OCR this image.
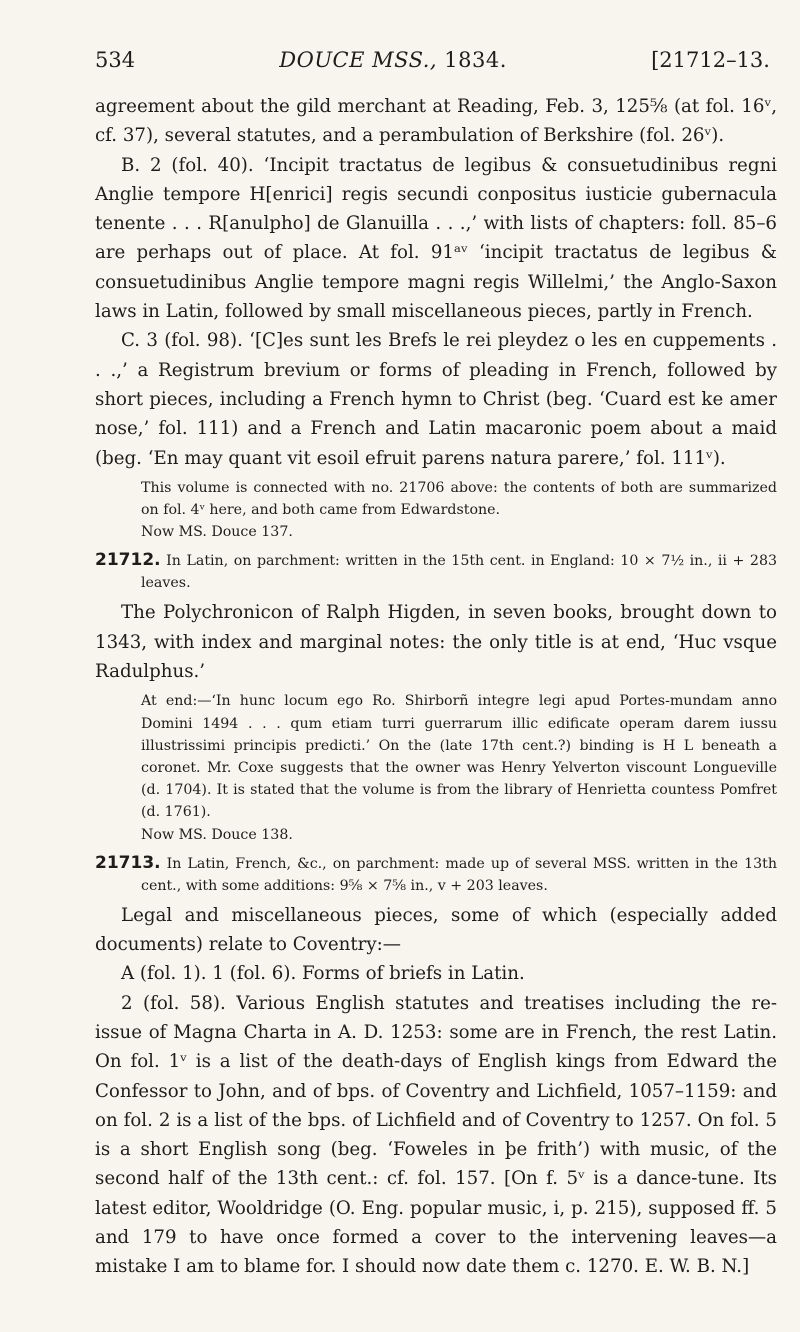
534	DOUCE MSS., 1834.	[21712–13.

agreement about the gild merchant at Reading, Feb. 3, 125⅝ (at fol. 16ᵛ, cf. 37), several statutes, and a perambulation of Berkshire (fol. 26ᵛ).

B. 2 (fol. 40). ‘Incipit tractatus de legibus & consuetudinibus regni Anglie tempore H[enrici] regis secundi conpositus iusticie gubernacula tenente . . . R[anulpho] de Glanuilla . . .,’ with lists of chapters: foll. 85–6 are perhaps out of place. At fol. 91ᵃᵛ ‘incipit tractatus de legibus & consuetudinibus Anglie tempore magni regis Willelmi,’ the Anglo-Saxon laws in Latin, followed by small miscellaneous pieces, partly in French.

C. 3 (fol. 98). ‘[C]es sunt les Brefs le rei pleydez o les en cuppements . . .,’ a Registrum brevium or forms of pleading in French, followed by short pieces, including a French hymn to Christ (beg. ‘Cuard est ke amer nose,’ fol. 111) and a French and Latin macaronic poem about a maid (beg. ‘En may quant vit esoil efruit parens natura parere,’ fol. 111ᵛ).

This volume is connected with no. 21706 above: the contents of both are summarized on fol. 4ᵛ here, and both came from Edwardstone.

Now MS. Douce 137.

21712. In Latin, on parchment: written in the 15th cent. in England: 10 × 7½ in., ii + 283 leaves.

The Polychronicon of Ralph Higden, in seven books, brought down to 1343, with index and marginal notes: the only title is at end, ‘Huc vsque Radulphus.’

At end:—‘In hunc locum ego Ro. Shirborñ integre legi apud Portes-mundam anno Domini 1494 . . . qum etiam turri guerrarum illic edificate operam darem iussu illustrissimi principis predicti.’ On the (late 17th cent.?) binding is H L beneath a coronet. Mr. Coxe suggests that the owner was Henry Yelverton viscount Longueville (d. 1704). It is stated that the volume is from the library of Henrietta countess Pomfret (d. 1761).

Now MS. Douce 138.

21713. In Latin, French, &c., on parchment: made up of several MSS. written in the 13th cent., with some additions: 9⅝ × 7⅝ in., v + 203 leaves.

Legal and miscellaneous pieces, some of which (especially added documents) relate to Coventry:—

A (fol. 1). 1 (fol. 6). Forms of briefs in Latin.

2 (fol. 58). Various English statutes and treatises including the re-issue of Magna Charta in A. D. 1253: some are in French, the rest Latin. On fol. 1ᵛ is a list of the death-days of English kings from Edward the Confessor to John, and of bps. of Coventry and Lichfield, 1057–1159: and on fol. 2 is a list of the bps. of Lichfield and of Coventry to 1257. On fol. 5 is a short English song (beg. ‘Foweles in þe frith’) with music, of the second half of the 13th cent.: cf. fol. 157. [On f. 5ᵛ is a dance-tune. Its latest editor, Wooldridge (O. Eng. popular music, i, p. 215), supposed ff. 5 and 179 to have once formed a cover to the intervening leaves—a mistake I am to blame for. I should now date them c. 1270. E. W. B. N.]
